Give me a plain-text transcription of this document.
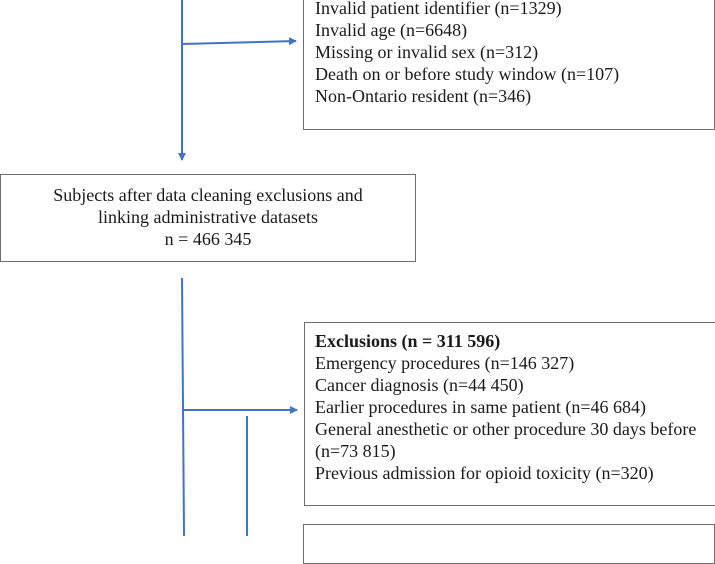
Invalid patient identifier (n=1329)
Invalid age (n=6648)
Missing or invalid sex (n=312)
Death on or before study window (n=107)
Non-Ontario resident (n=346)
Subjects after data cleaning exclusions and
linking administrative datasets
n = 466 345
Exclusions (n = 311 596)
Emergency procedures (n=146 327)
Cancer diagnosis (n=44 450)
Earlier procedures in same patient (n=46 684)
General anesthetic or other procedure 30 days before (n=73 815)
Previous admission for opioid toxicity (n=320)
